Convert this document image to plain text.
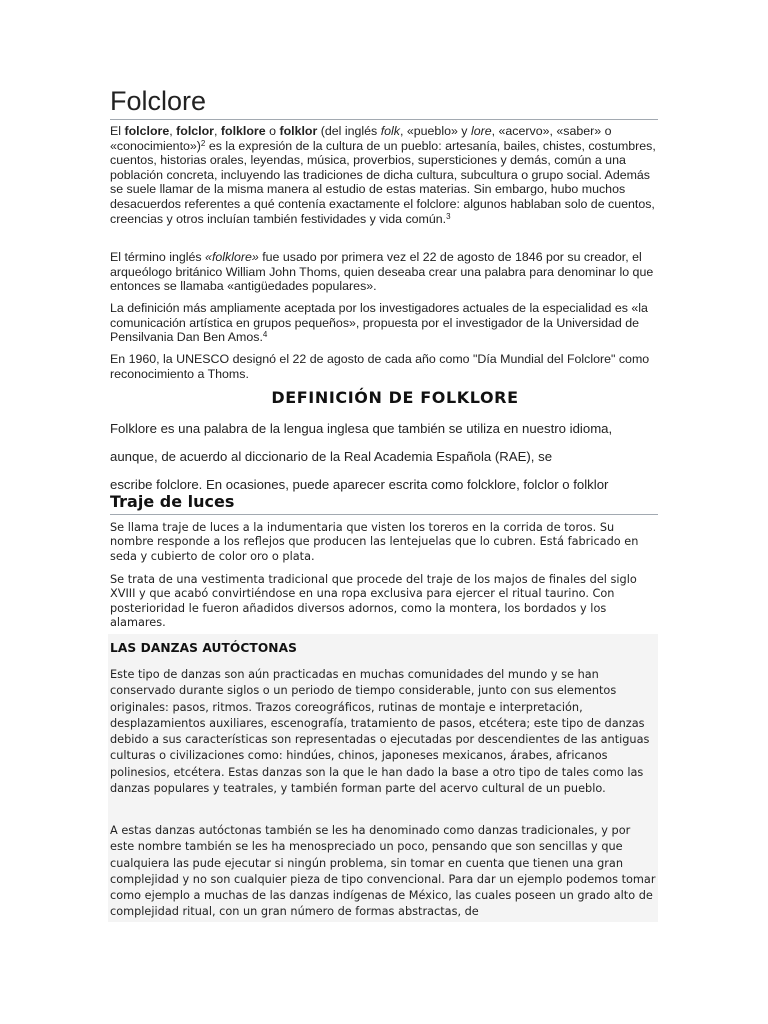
Folclore

El folclore, folclor, folklore o folklor (del inglés folk, «pueblo» y lore, «acervo», «saber» o «conocimiento»)$^2$ es la expresión de la cultura de un pueblo: artesanía, bailes, chistes, costumbres, cuentos, historias orales, leyendas, música, proverbios, supersticiones y demás, común a una población concreta, incluyendo las tradiciones de dicha cultura, subcultura o grupo social. Además se suele llamar de la misma manera al estudio de estas materias. Sin embargo, hubo muchos desacuerdos referentes a qué contenía exactamente el folclore: algunos hablaban solo de cuentos, creencias y otros incluían también festividades y vida común.$^3$

El término inglés «folklore» fue usado por primera vez el 22 de agosto de 1846 por su creador, el arqueólogo británico William John Thoms, quien deseaba crear una palabra para denominar lo que entonces se llamaba «antigüedades populares».

La definición más ampliamente aceptada por los investigadores actuales de la especialidad es «la comunicación artística en grupos pequeños», propuesta por el investigador de la Universidad de Pensilvania Dan Ben Amos.$^4$

En 1960, la UNESCO designó el 22 de agosto de cada año como "Día Mundial del Folclore" como reconocimiento a Thoms.

DEFINICIÓN DE FOLKLORE

Folklore es una palabra de la lengua inglesa que también se utiliza en nuestro idioma,

aunque, de acuerdo al diccionario de la Real Academia Española (RAE), se

escribe folclore. En ocasiones, puede aparecer escrita como folcklore, folclor o folklor

Traje de luces

Se llama traje de luces a la indumentaria que visten los toreros en la corrida de toros. Su nombre responde a los reflejos que producen las lentejuelas que lo cubren. Está fabricado en seda y cubierto de color oro o plata.

Se trata de una vestimenta tradicional que procede del traje de los majos de finales del siglo XVIII y que acabó convirtiéndose en una ropa exclusiva para ejercer el ritual taurino. Con posterioridad le fueron añadidos diversos adornos, como la montera, los bordados y los alamares.

LAS DANZAS AUTÓCTONAS

Este tipo de danzas son aún practicadas en muchas comunidades del mundo y se han conservado durante siglos o un periodo de tiempo considerable, junto con sus elementos originales: pasos, ritmos. Trazos coreográficos, rutinas de montaje e interpretación, desplazamientos auxiliares, escenografía, tratamiento de pasos, etcétera; este tipo de danzas debido a sus características son representadas o ejecutadas por descendientes de las antiguas culturas o civilizaciones como: hindúes, chinos, japoneses mexicanos, árabes, africanos polinesios, etcétera. Estas danzas son la que le han dado la base a otro tipo de tales como las danzas populares y teatrales, y también forman parte del acervo cultural de un pueblo.

A estas danzas autóctonas también se les ha denominado como danzas tradicionales, y por este nombre también se les ha menospreciado un poco, pensando que son sencillas y que cualquiera las pude ejecutar si ningún problema, sin tomar en cuenta que tienen una gran complejidad y no son cualquier pieza de tipo convencional. Para dar un ejemplo podemos tomar como ejemplo a muchas de las danzas indígenas de México, las cuales poseen un grado alto de complejidad ritual, con un gran número de formas abstractas, de
